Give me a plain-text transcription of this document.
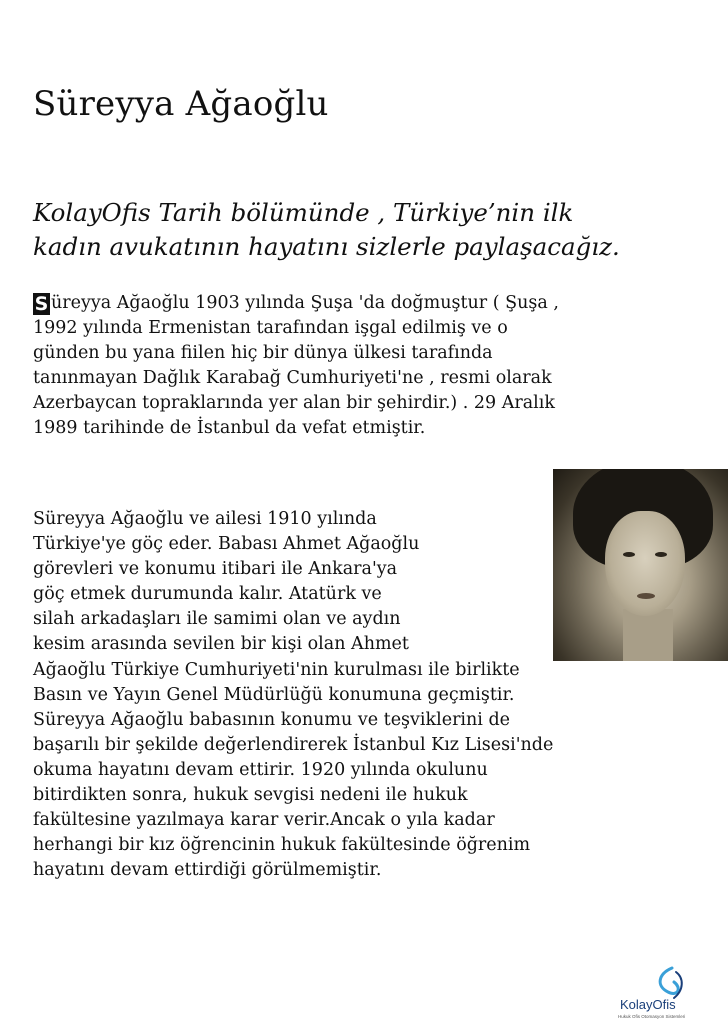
Süreyya Ağaoğlu
KolayOfis Tarih bölümünde , Türkiye’nin ilk
kadın avukatının hayatını sizlerle paylaşacağız.
S üreyya Ağaoğlu 1903 yılında Şuşa 'da doğmuştur ( Şuşa ,
1992 yılında Ermenistan tarafından işgal edilmiş ve o
günden bu yana fiilen hiç bir dünya ülkesi tarafında
tanınmayan Dağlık Karabağ Cumhuriyeti'ne , resmi olarak
Azerbaycan topraklarında yer alan bir şehirdir.) . 29 Aralık
1989 tarihinde de İstanbul da vefat etmiştir.
Süreyya Ağaoğlu ve ailesi 1910 yılında
Türkiye'ye göç eder. Babası Ahmet Ağaoğlu
görevleri ve konumu itibari ile Ankara'ya
göç etmek durumunda kalır. Atatürk ve
silah arkadaşları ile samimi olan ve aydın
kesim arasında sevilen bir kişi olan Ahmet
Ağaoğlu Türkiye Cumhuriyeti'nin kurulması ile birlikte
Basın ve Yayın Genel Müdürlüğü konumuna geçmiştir.
Süreyya Ağaoğlu babasının konumu ve teşviklerini de
başarılı bir şekilde değerlendirerek İstanbul Kız Lisesi'nde
okuma hayatını devam ettirir. 1920 yılında okulunu
bitirdikten sonra, hukuk sevgisi nedeni ile hukuk
fakültesine yazılmaya karar verir.Ancak o yıla kadar
herhangi bir kız öğrencinin hukuk fakültesinde öğrenim
hayatını devam ettirdiği görülmemiştir.
KolayOfis
Hukuk Ofis Otomasyon Sistemleri
